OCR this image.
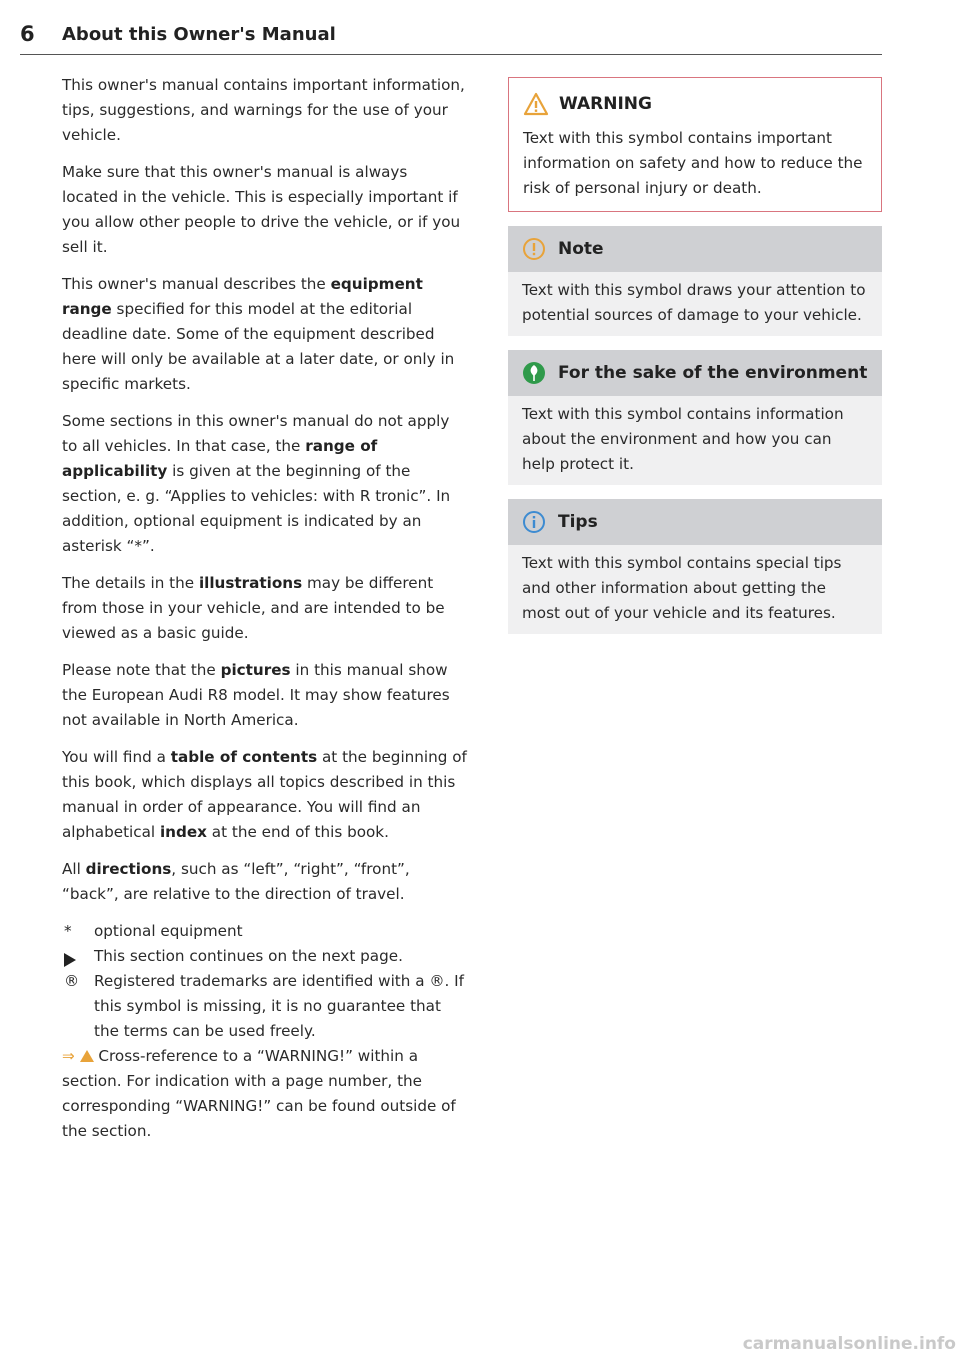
6 About this Owner's Manual

This owner's manual contains important information, tips, suggestions, and warnings for the use of your vehicle.

Make sure that this owner's manual is always located in the vehicle. This is especially important if you allow other people to drive the vehicle, or if you sell it.

This owner's manual describes the equipment range specified for this model at the editorial deadline date. Some of the equipment described here will only be available at a later date, or only in specific markets.

Some sections in this owner's manual do not apply to all vehicles. In that case, the range of applicability is given at the beginning of the section, e. g. “Applies to vehicles: with R tronic”. In addition, optional equipment is indicated by an asterisk “*”.

The details in the illustrations may be different from those in your vehicle, and are intended to be viewed as a basic guide.

Please note that the pictures in this manual show the European Audi R8 model. It may show features not available in North America.

You will find a table of contents at the beginning of this book, which displays all topics described in this manual in order of appearance. You will find an alphabetical index at the end of this book.

All directions, such as “left”, “right”, “front”, “back”, are relative to the direction of travel.

*	optional equipment
This section continues on the next page.
® Registered trademarks are identified with a ®. If this symbol is missing, it is no guarantee that the terms can be used freely.

⇒  Cross-reference to a “WARNING!” within a section. For indication with a page number, the corresponding “WARNING!” can be found outside of the section.

WARNING
Text with this symbol contains important information on safety and how to reduce the risk of personal injury or death.
Note
Text with this symbol draws your attention to potential sources of damage to your vehicle.
For the sake of the environment
Text with this symbol contains information about the environment and how you can help protect it.
Tips
Text with this symbol contains special tips and other information about getting the most out of your vehicle and its features.
carmanualsonline.info
